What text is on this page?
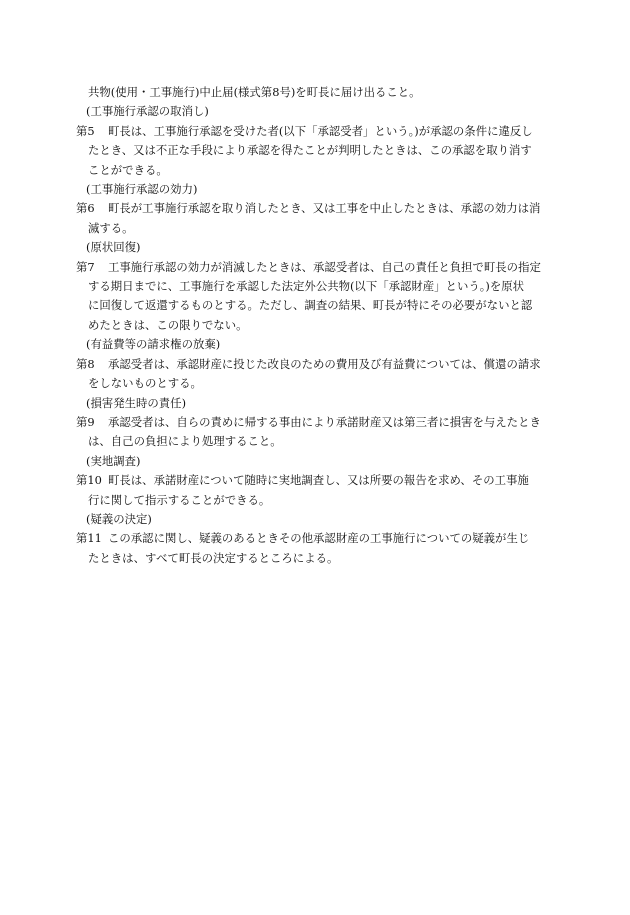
共物(使用・工事施行)中止届(様式第8号)を町長に届け出ること。
(工事施行承認の取消し)
第5	町長は、工事施行承認を受けた者(以下「承認受者」という。)が承認の条件に違反し
たとき、又は不正な手段により承認を得たことが判明したときは、この承認を取り消す
ことができる。
(工事施行承認の効力)
第6	町長が工事施行承認を取り消したとき、又は工事を中止したときは、承認の効力は消
滅する。
(原状回復)
第7	工事施行承認の効力が消滅したときは、承認受者は、自己の責任と負担で町長の指定
する期日までに、工事施行を承認した法定外公共物(以下「承認財産」という。)を原状
に回復して返還するものとする。ただし、調査の結果、町長が特にその必要がないと認
めたときは、この限りでない。
(有益費等の請求権の放棄)
第8	承認受者は、承認財産に投じた改良のための費用及び有益費については、償還の請求
をしないものとする。
(損害発生時の責任)
第9	承認受者は、自らの責めに帰する事由により承諾財産又は第三者に損害を与えたとき
は、自己の負担により処理すること。
(実地調査)
第10 町長は、承諾財産について随時に実地調査し、又は所要の報告を求め、その工事施
行に関して指示することができる。
(疑義の決定)
第11 この承認に関し、疑義のあるときその他承認財産の工事施行についての疑義が生じ
たときは、すべて町長の決定するところによる。
